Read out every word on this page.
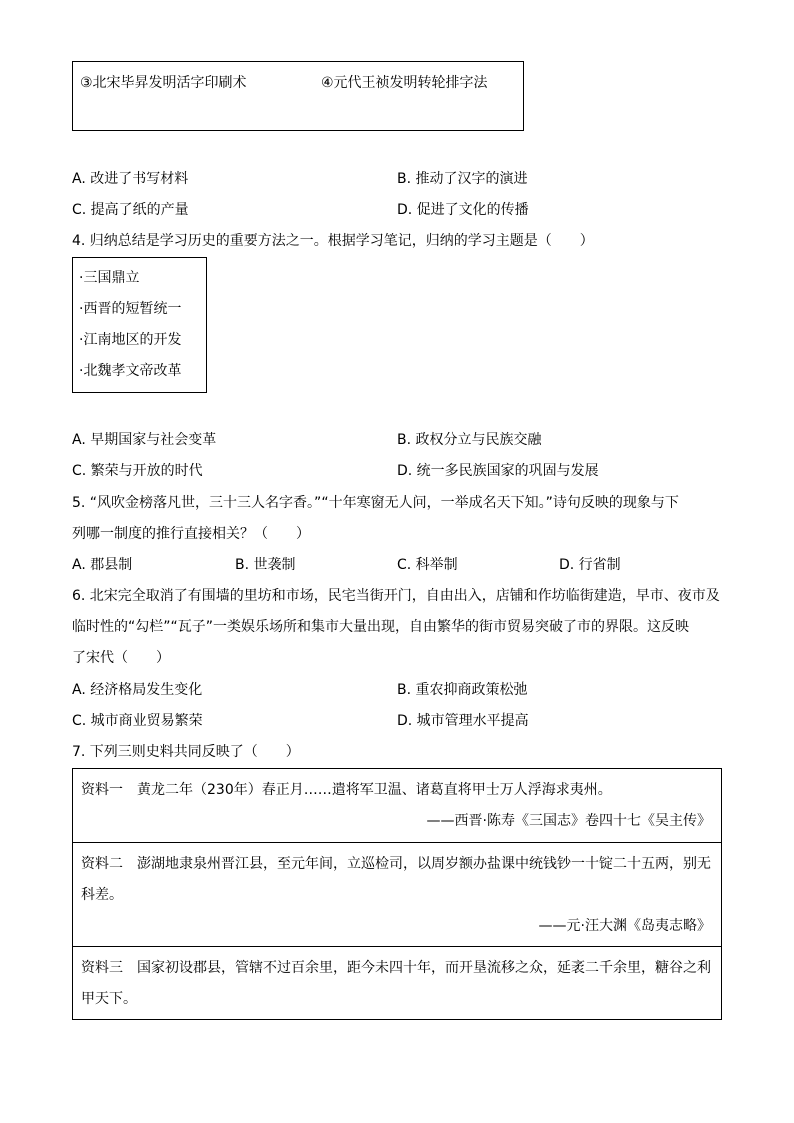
③北宋毕昇发明活字印刷术	④元代王祯发明转轮排字法
A. 改进了书写材料	B. 推动了汉字的演进
C. 提高了纸的产量	D. 促进了文化的传播
4. 归纳总结是学习历史的重要方法之一。根据学习笔记，归纳的学习主题是（　　）
·三国鼎立
·西晋的短暂统一
·江南地区的开发
·北魏孝文帝改革
A. 早期国家与社会变革	B. 政权分立与民族交融
C. 繁荣与开放的时代	D. 统一多民族国家的巩固与发展
5. “风吹金榜落凡世，三十三人名字香。”“十年寒窗无人问，一举成名天下知。”诗句反映的现象与下
列哪一制度的推行直接相关？（　　）
A. 郡县制	B. 世袭制	C. 科举制	D. 行省制
6. 北宋完全取消了有围墙的里坊和市场，民宅当街开门，自由出入，店铺和作坊临街建造，早市、夜市及
临时性的“勾栏”“瓦子”一类娱乐场所和集市大量出现，自由繁华的街市贸易突破了市的界限。这反映
了宋代（　　）
A. 经济格局发生变化	B. 重农抑商政策松弛
C. 城市商业贸易繁荣	D. 城市管理水平提高
7. 下列三则史料共同反映了（　　）
资料一　黄龙二年（230年）春正月……遣将军卫温、诸葛直将甲士万人浮海求夷州。
——西晋·陈寿《三国志》卷四十七《吴主传》
资料二　澎湖地隶泉州晋江县，至元年间，立巡检司，以周岁额办盐课中统钱钞一十锭二十五两，别无
科差。
——元·汪大渊《岛夷志略》
资料三　国家初设郡县，管辖不过百余里，距今未四十年，而开垦流移之众，延袤二千余里，糖谷之利
甲天下。
